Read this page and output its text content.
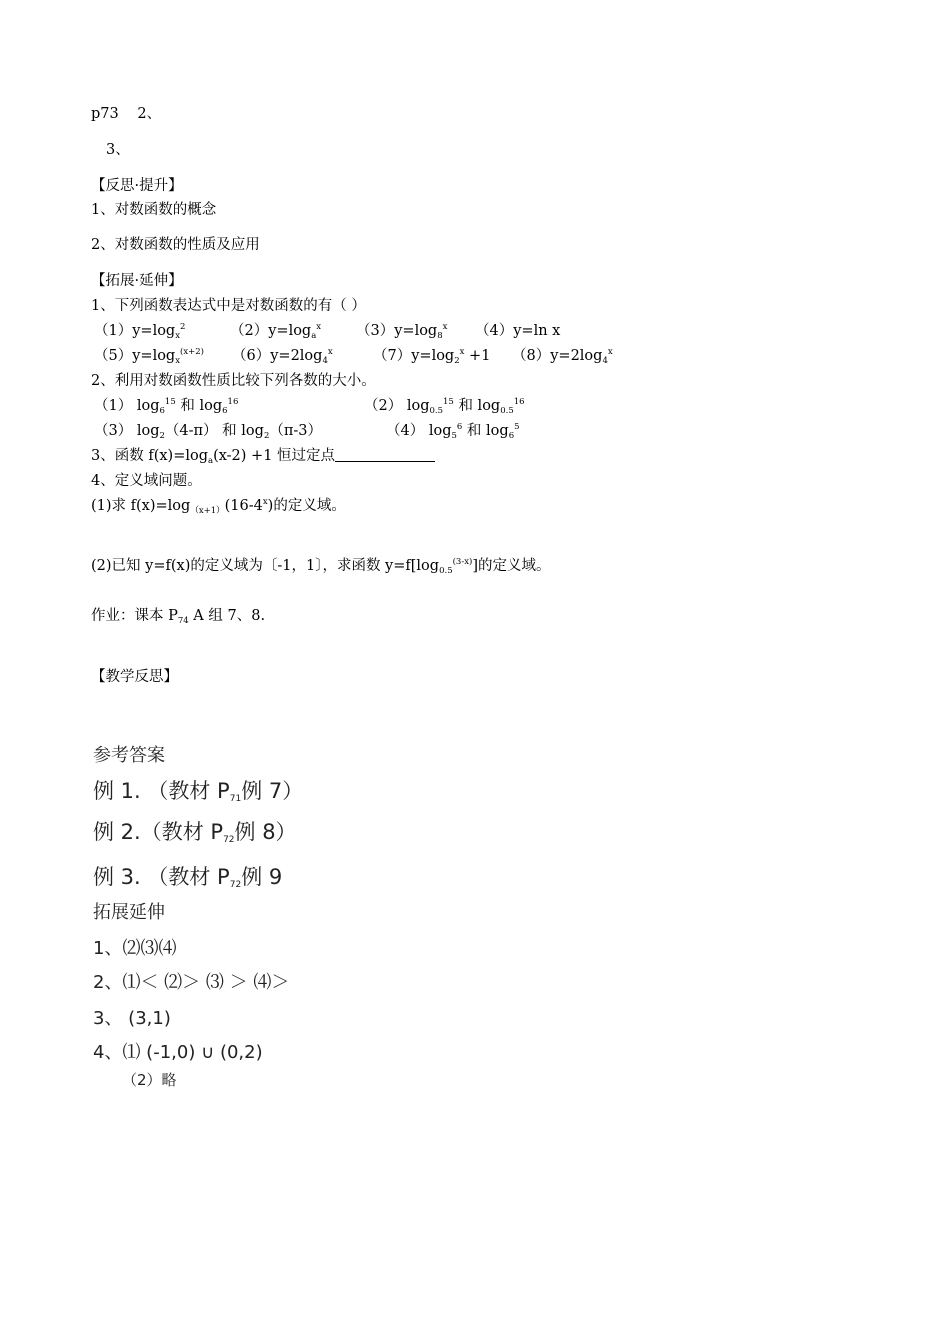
p73 2、
3、
【反思·提升】
1、对数函数的概念
2、对数函数的性质及应用
【拓展·延伸】
1、下列函数表达式中是对数函数的有（ ）
$(1)y=\log_x^2$	$(2)y=\log_a^x$ $(3)y=\log_8^x$ （4）y=ln x
$(5)y=\log_x^{(x+2)}$ $(6)y=2\log_4^x$	$(7)y=\log_2^x +1$ $(8)y=2\log_4^x$
2、利用对数函数性质比较下列各数的大小。
（1） $\log_6^{15}$ 和 $\log_6^{16}$	（2） $\log_{0.5}^{15}$ 和 $\log_{0.5}^{16}$
（3） $\log_2(4-\pi)$ 和 $\log_2(\pi-3)$	（4） $\log_5^6$ 和 $\log_6^5$
3、函数 $f(x)=\log_a(x-2) +1$ 恒过定点
4、定义域问题。
(1)求 $f(x)=\log_{(x+1)}(16-4^x)$的定义域。
(2)已知 y=f(x)的定义域为〔-1，1〕，求函数 $y=f[\log_{0.5}^{(3-x)}]$的定义域。
作业：课本 $P_{74}$ A 组 7、8.
【教学反思】
参考答案
例 1. （教材 $P_{71}$例 7）
例 2.（教材 $P_{72}$例 8）
例 3. （教材 $P_{72}$例 9
拓展延伸
1、⑵⑶⑷
2、⑴＜ ⑵＞ ⑶ ＞ ⑷＞
3、 (3,1)
4、⑴ (-1,0) ∪ (0,2)
（2）略
